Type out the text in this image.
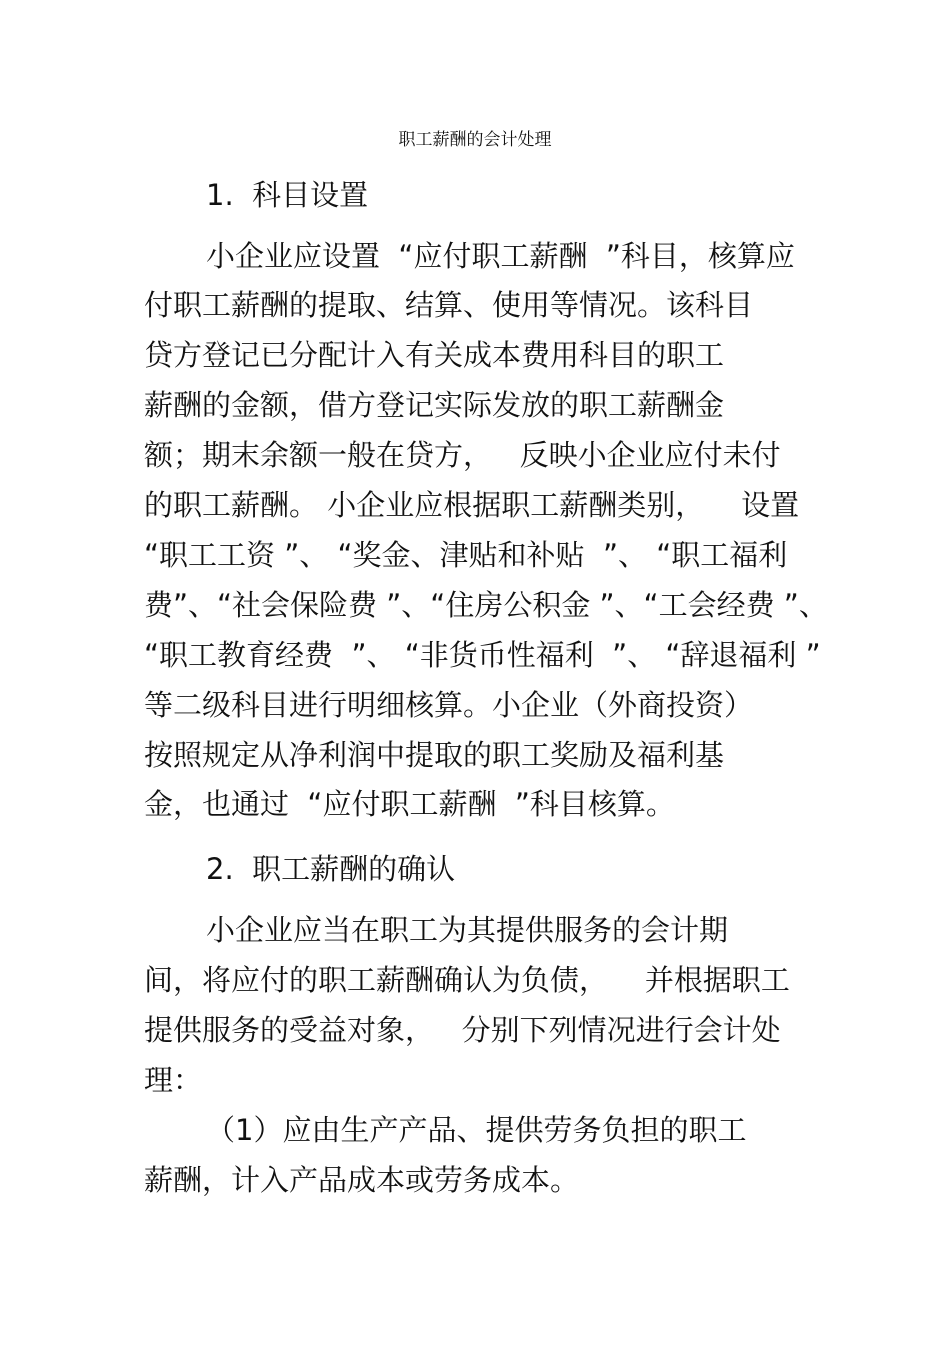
职工薪酬的会计处理
1.  科目设置
小企业应设置  “应付职工薪酬  ”科目，核算应
付职工薪酬的提取、结算、使用等情况。该科目
贷方登记已分配计入有关成本费用科目的职工
薪酬的金额，借方登记实际发放的职工薪酬金
额；期末余额一般在贷方，   反映小企业应付未付
的职工薪酬。 小企业应根据职工薪酬类别，    设置
“职工工资 ”、 “奖金、津贴和补贴  ”、 “职工福利
费”、“社会保险费 ”、“住房公积金 ”、“工会经费 ”、
“职工教育经费  ”、 “非货币性福利  ”、 “辞退福利 ”
等二级科目进行明细核算。小企业（外商投资）
按照规定从净利润中提取的职工奖励及福利基
金，也通过  “应付职工薪酬  ”科目核算。
2.  职工薪酬的确认
小企业应当在职工为其提供服务的会计期
间，将应付的职工薪酬确认为负债，    并根据职工
提供服务的受益对象，   分别下列情况进行会计处
理：
（1）应由生产产品、提供劳务负担的职工
薪酬，计入产品成本或劳务成本。
